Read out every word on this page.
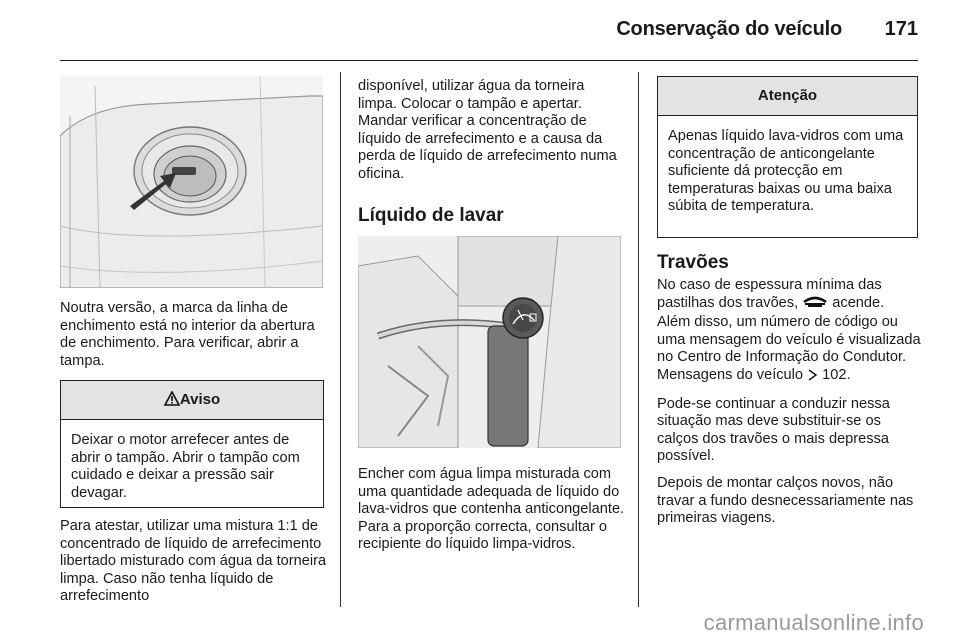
Conservação do veículo 171

Noutra versão, a marca da linha de enchimento está no interior da abertura de enchimento. Para verificar, abrir a tampa.

Aviso
Deixar o motor arrefecer antes de abrir o tampão. Abrir o tampão com cuidado e deixar a pressão sair devagar.

Para atestar, utilizar uma mistura 1:1 de concentrado de líquido de arrefecimento libertado misturado com água da torneira limpa. Caso não tenha líquido de arrefecimento

disponível, utilizar água da torneira limpa. Colocar o tampão e apertar. Mandar verificar a concentração de líquido de arrefecimento e a causa da perda de líquido de arrefecimento numa oficina.

Líquido de lavar

Encher com água limpa misturada com uma quantidade adequada de líquido do lava-vidros que contenha anticongelante. Para a proporção correcta, consultar o recipiente do líquido limpa-vidros.

Atenção
Apenas líquido lava-vidros com uma concentração de anticongelante suficiente dá protecção em temperaturas baixas ou uma baixa súbita de temperatura.
Travões

No caso de espessura mínima das pastilhas dos travões, acende.

Além disso, um número de código ou uma mensagem do veículo é visualizada no Centro de Informação do Condutor. Mensagens do veículo 102.

Pode-se continuar a conduzir nessa situação mas deve substituir-se os calços dos travões o mais depressa possível.

Depois de montar calços novos, não travar a fundo desnecessariamente nas primeiras viagens.

carmanualsonline.info
